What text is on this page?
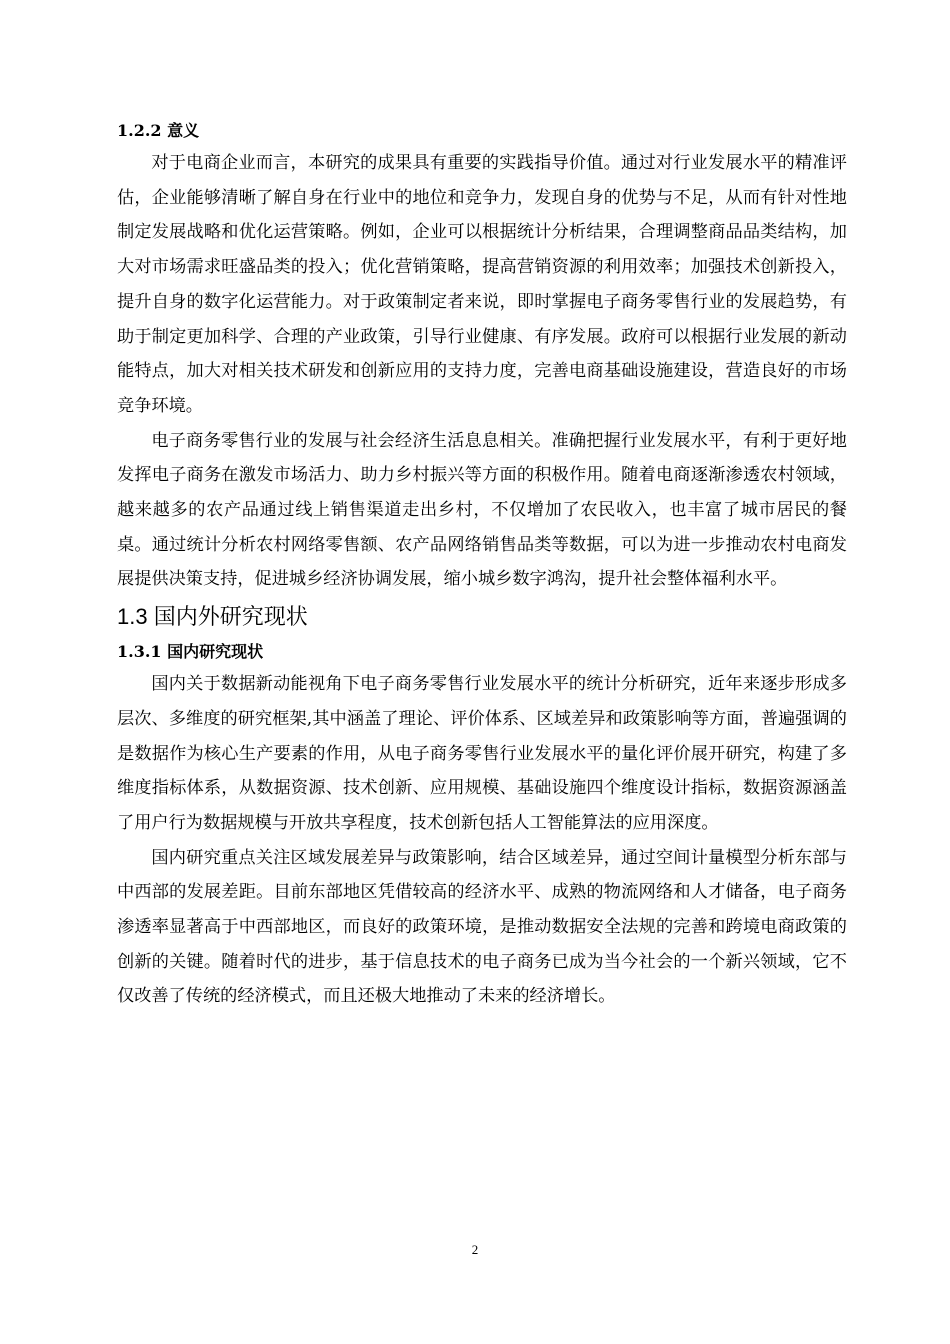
1.2.2 意义

对于电商企业而言，本研究的成果具有重要的实践指导价值。通过对行业发展水平的精准评估，企业能够清晰了解自身在行业中的地位和竞争力，发现自身的优势与不足，从而有针对性地制定发展战略和优化运营策略。例如，企业可以根据统计分析结果，合理调整商品品类结构，加大对市场需求旺盛品类的投入；优化营销策略，提高营销资源的利用效率；加强技术创新投入，提升自身的数字化运营能力。对于政策制定者来说，即时掌握电子商务零售行业的发展趋势，有助于制定更加科学、合理的产业政策，引导行业健康、有序发展。政府可以根据行业发展的新动能特点，加大对相关技术研发和创新应用的支持力度，完善电商基础设施建设，营造良好的市场竞争环境。

电子商务零售行业的发展与社会经济生活息息相关。准确把握行业发展水平，有利于更好地发挥电子商务在激发市场活力、助力乡村振兴等方面的积极作用。随着电商逐渐渗透农村领域，越来越多的农产品通过线上销售渠道走出乡村，不仅增加了农民收入，也丰富了城市居民的餐桌。通过统计分析农村网络零售额、农产品网络销售品类等数据，可以为进一步推动农村电商发展提供决策支持，促进城乡经济协调发展，缩小城乡数字鸿沟，提升社会整体福利水平。

1.3 国内外研究现状
1.3.1 国内研究现状

国内关于数据新动能视角下电子商务零售行业发展水平的统计分析研究，近年来逐步形成多层次、多维度的研究框架,其中涵盖了理论、评价体系、区域差异和政策影响等方面，普遍强调的是数据作为核心生产要素的作用，从电子商务零售行业发展水平的量化评价展开研究，构建了多维度指标体系，从数据资源、技术创新、应用规模、基础设施四个维度设计指标，数据资源涵盖了用户行为数据规模与开放共享程度，技术创新包括人工智能算法的应用深度。

国内研究重点关注区域发展差异与政策影响，结合区域差异，通过空间计量模型分析东部与中西部的发展差距。目前东部地区凭借较高的经济水平、成熟的物流网络和人才储备，电子商务渗透率显著高于中西部地区，而良好的政策环境，是推动数据安全法规的完善和跨境电商政策的创新的关键。随着时代的进步，基于信息技术的电子商务已成为当今社会的一个新兴领域，它不仅改善了传统的经济模式，而且还极大地推动了未来的经济增长。

2
